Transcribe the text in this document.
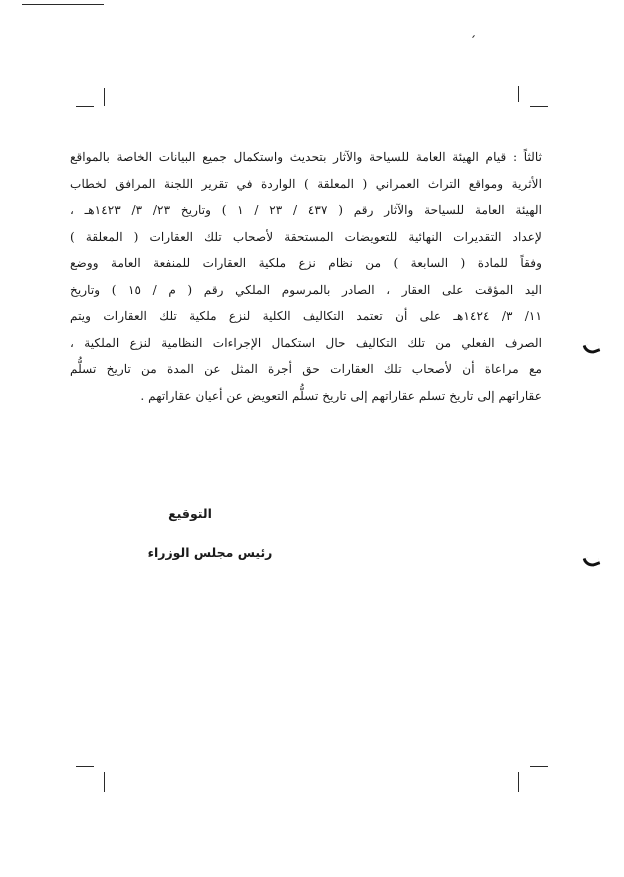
ثالثاً : قيام الهيئة العامة للسياحة والآثار بتحديث واستكمال جميع البيانات الخاصة بالمواقع
الأثرية ومواقع التراث العمراني ( المعلقة ) الواردة في تقرير اللجنة المرافق لخطاب
الهيئة العامة للسياحة والآثار رقم ( ٤٣٧ / ٢٣ / ١ ) وتاريخ ٢٣/ ٣/ ١٤٢٣هـ ،
لإعداد التقديرات النهائية للتعويضات المستحقة لأصحاب تلك العقارات ( المعلقة )
وفقاً للمادة ( السابعة ) من نظام نزع ملكية العقارات للمنفعة العامة ووضع
اليد المؤقت على العقار ، الصادر بالمرسوم الملكي رقم ( م / ١٥ ) وتاريخ
١١/ ٣/ ١٤٢٤هـ على أن تعتمد التكاليف الكلية لنزع ملكية تلك العقارات ويتم
الصرف الفعلي من تلك التكاليف حال استكمال الإجراءات النظامية لنزع الملكية ،
مع مراعاة أن لأصحاب تلك العقارات حق أجرة المثل عن المدة من تاريخ تسلُّم
عقاراتهم إلى تاريخ تسلم عقاراتهم إلى تاريخ تسلُّم التعويض عن أعيان عقاراتهم .
التوقيع
رئيس مجلس الوزراء
